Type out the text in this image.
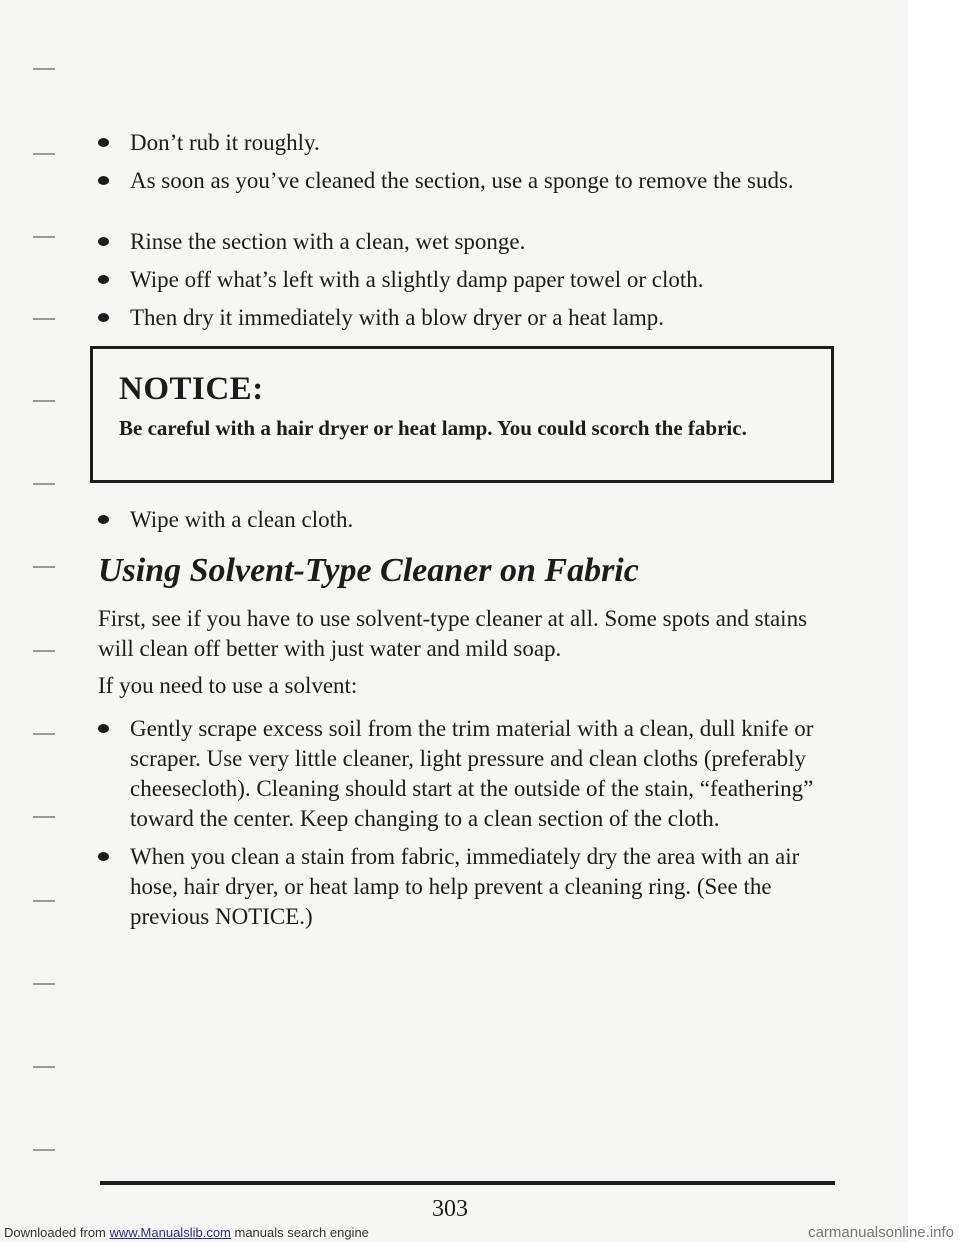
Don’t rub it roughly.
As soon as you’ve cleaned the section, use a sponge to remove the suds.
Rinse the section with a clean, wet sponge.
Wipe off what’s left with a slightly damp paper towel or cloth.
Then dry it immediately with a blow dryer or a heat lamp.
NOTICE:
Be careful with a hair dryer or heat lamp. You could scorch the fabric.
Wipe with a clean cloth.
Using Solvent-Type Cleaner on Fabric
First, see if you have to use solvent-type cleaner at all. Some spots and stains will clean off better with just water and mild soap.
If you need to use a solvent:
Gently scrape excess soil from the trim material with a clean, dull knife or scraper. Use very little cleaner, light pressure and clean cloths (preferably cheesecloth). Cleaning should start at the outside of the stain, “feathering” toward the center. Keep changing to a clean section of the cloth.
When you clean a stain from fabric, immediately dry the area with an air hose, hair dryer, or heat lamp to help prevent a cleaning ring. (See the previous NOTICE.)
303
Downloaded from www.Manualslib.com manuals search engine	carmanualsonline.info
